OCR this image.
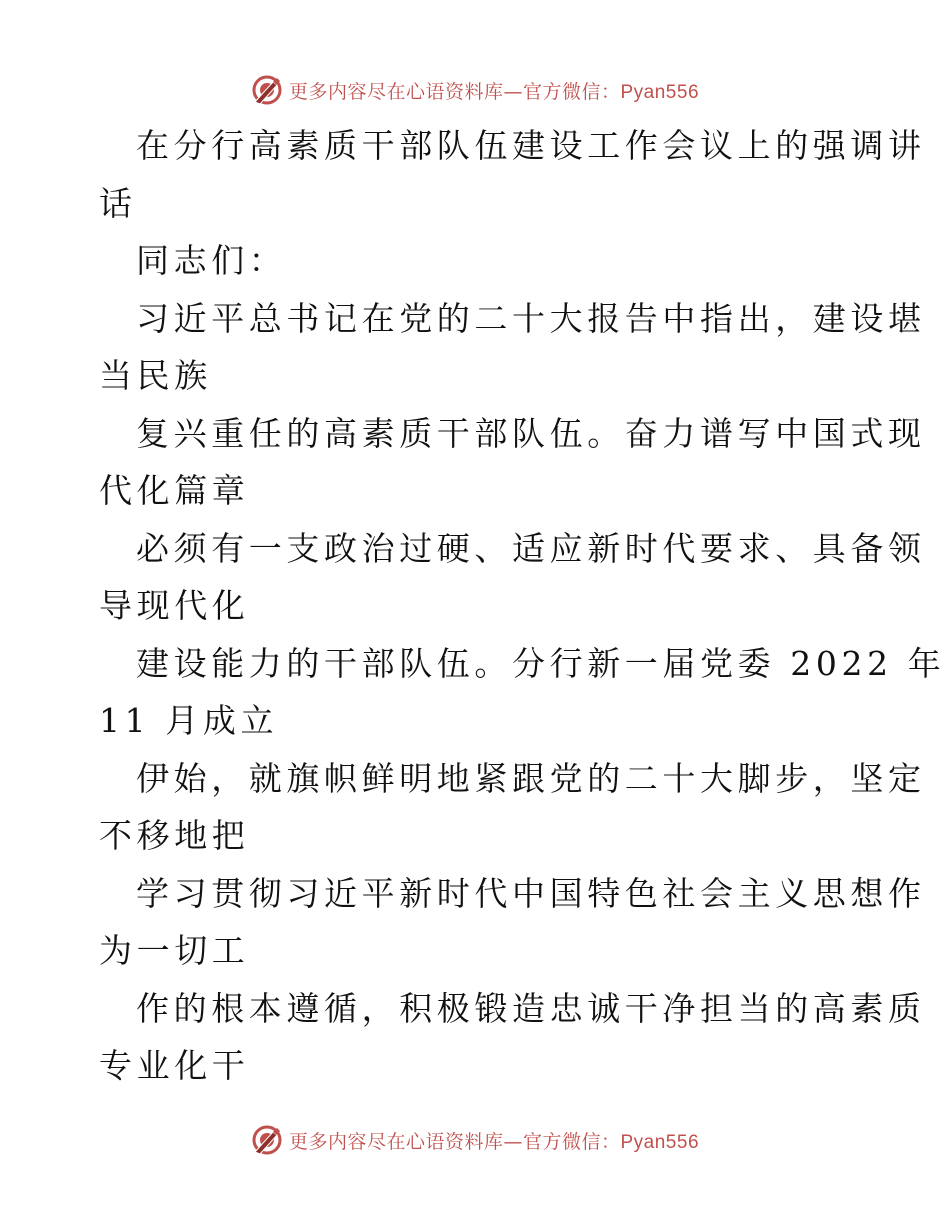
更多内容尽在心语资料库—官方微信：Pyan556
在分行高素质干部队伍建设工作会议上的强调讲
话
同志们：
习近平总书记在党的二十大报告中指出，建设堪
当民族
复兴重任的高素质干部队伍。奋力谱写中国式现
代化篇章
必须有一支政治过硬、适应新时代要求、具备领
导现代化
建设能力的干部队伍。分行新一届党委 2022 年
11 月成立
伊始，就旗帜鲜明地紧跟党的二十大脚步，坚定
不移地把
学习贯彻习近平新时代中国特色社会主义思想作
为一切工
作的根本遵循，积极锻造忠诚干净担当的高素质
专业化干
更多内容尽在心语资料库—官方微信：Pyan556
